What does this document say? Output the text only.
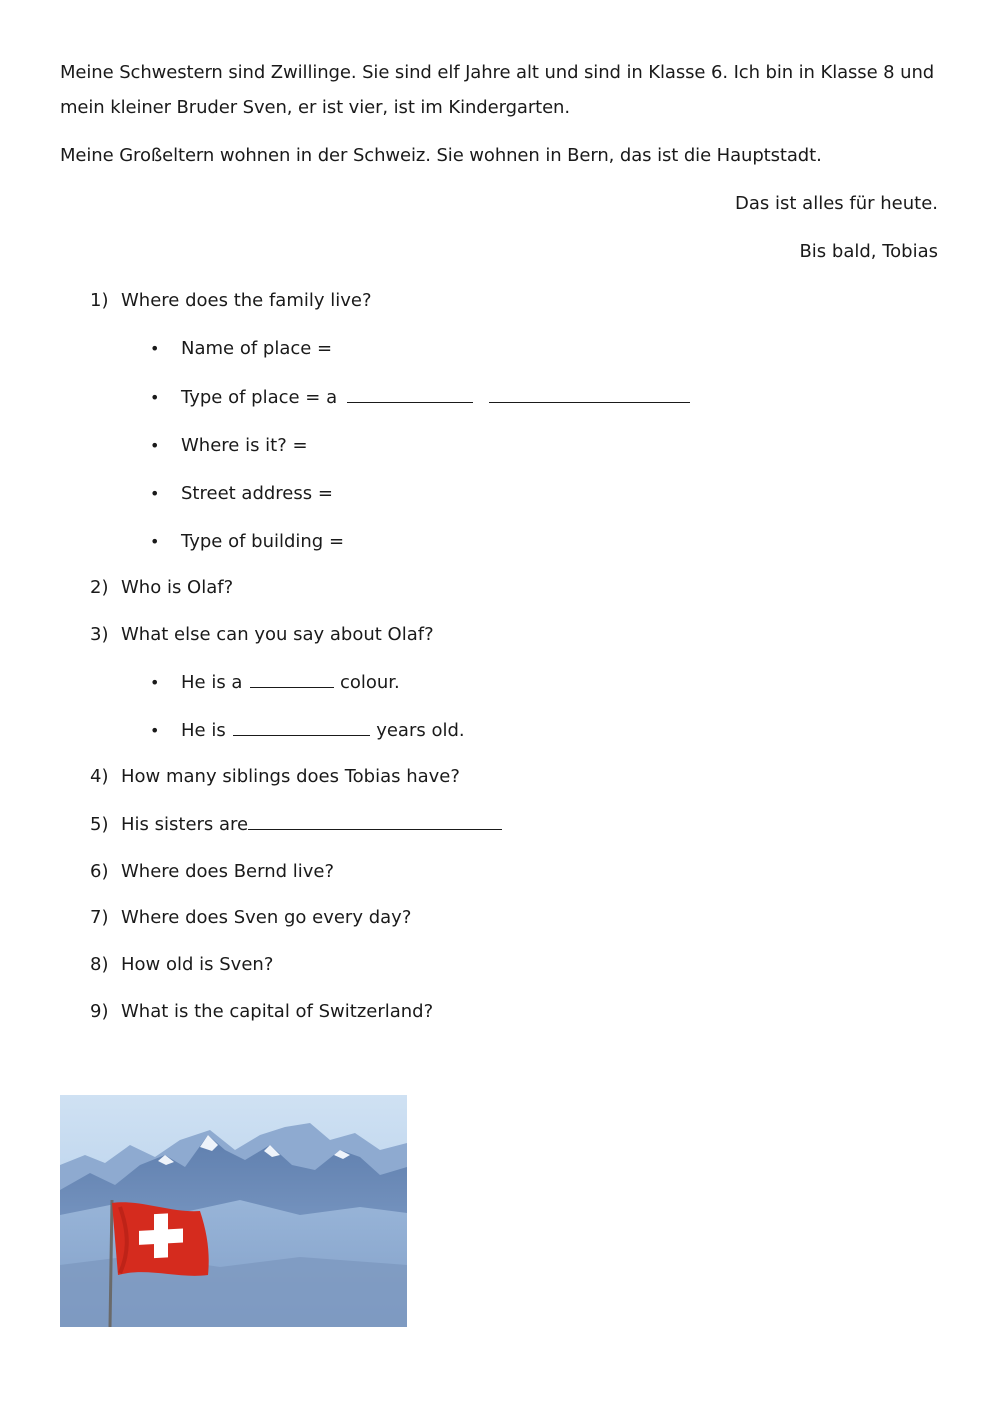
Meine Schwestern sind Zwillinge. Sie sind elf Jahre alt und sind in Klasse 6. Ich bin in Klasse 8 und mein kleiner Bruder Sven, er ist vier, ist im Kindergarten.

Meine Großeltern wohnen in der Schweiz. Sie wohnen in Bern, das ist die Hauptstadt.

Das ist alles für heute.

Bis bald, Tobias

1) Where does the family live?

• Name of place =

• Type of place = a

• Where is it? =

• Street address =

• Type of building =

2) Who is Olaf?

3) What else can you say about Olaf?

• He is a	colour.

• He is	years old.

4) How many siblings does Tobias have?

5) His sisters are

6) Where does Bernd live?

7) Where does Sven go every day?

8) How old is Sven?

9) What is the capital of Switzerland?
